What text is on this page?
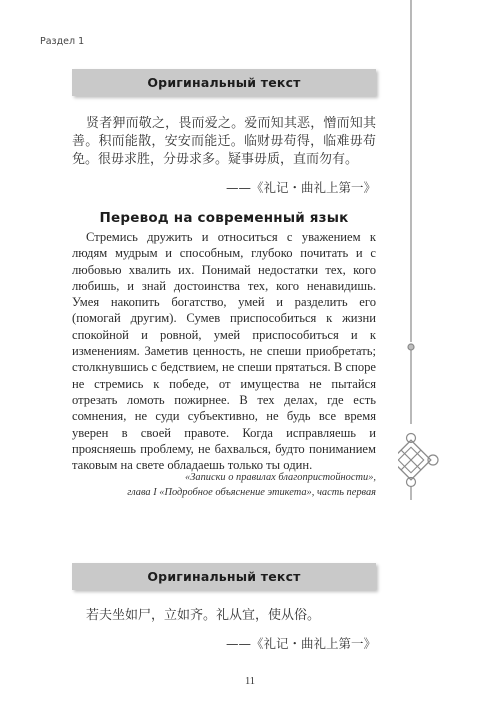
Раздел 1
Оригинальный текст

贤者狎而敬之，畏而爱之。爱而知其恶，憎而知其善。积而能散，安安而能迁。临财毋苟得，临难毋苟免。很毋求胜，分毋求多。疑事毋质，直而勿有。

——《礼记・曲礼上第一》
Перевод на современный язык

Стремись дружить и относиться с уважением к людям мудрым и способным, глубоко почитать и с любовью хвалить их. Понимай недостатки тех, кого любишь, и знай достоинства тех, кого ненавидишь. Умея накопить богатство, умей и разделить его (помогай другим). Сумев приспособиться к жизни спокойной и ровной, умей приспособиться и к изменениям. Заметив ценность, не спеши приобретать; столкнувшись с бедствием, не спеши прятаться. В споре не стремись к победе, от имущества не пытайся отрезать ломоть пожирнее. В тех делах, где есть сомнения, не суди субъективно, не будь все время уверен в своей правоте. Когда исправляешь и проясняешь проблему, не бахвалься, будто пониманием таковым на свете обладаешь только ты один.

«Записки о правилах благопристойности»,
глава I «Подробное объяснение этикета», часть первая

Оригинальный текст

若夫坐如尸，立如齐。礼从宜，使从俗。

——《礼记・曲礼上第一》
11
